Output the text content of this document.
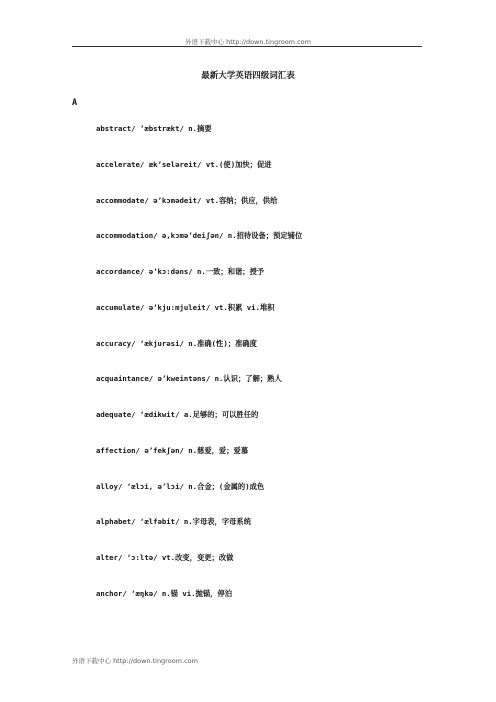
外语下载中心 http://down.tingroom.com
最新大学英语四级词汇表
A
abstract/ ’æbstrækt/ n.摘要
accelerate/ æk’seləreit/ vt.(使)加快；促进
accommodate/ ə’kɔmədeit/ vt.容纳；供应，供给
accommodation/ ə,kɔmə’deiʃən/ n.招待设备；预定铺位
accordance/ ə’kɔ:dəns/ n.一致；和谐；授予
accumulate/ ə’kju:mjuleit/ vt.积累 vi.堆积
accuracy/ ‘ækjurəsi/ n.准确(性)；准确度
acquaintance/ ə’kweintəns/ n.认识；了解；熟人
adequate/ ‘ædikwit/ a.足够的；可以胜任的
affection/ ə’fekʃən/ n.慈爱，爱；爱慕
alloy/ ‘ælɔi, ə’lɔi/ n.合金；(金属的)成色
alphabet/ ‘ælfəbit/ n.字母表，字母系统
alter/ ‘ɔ:ltə/ vt.改变，变更；改做
anchor/ ‘æŋkə/ n.锚 vi.抛锚，停泊
外语下载中心 http://down.tingroom.com
